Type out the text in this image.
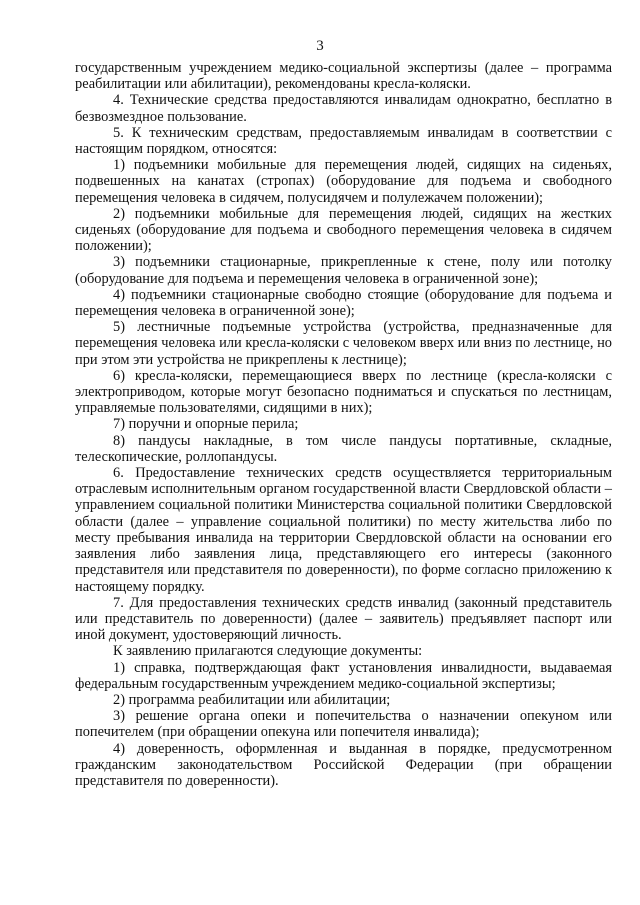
3

государственным учреждением медико-социальной экспертизы (далее – программа реабилитации или абилитации), рекомендованы кресла-коляски.

4. Технические средства предоставляются инвалидам однократно, бесплатно в безвозмездное пользование.

5. К техническим средствам, предоставляемым инвалидам в соответствии с настоящим порядком, относятся:

1) подъемники мобильные для перемещения людей, сидящих на сиденьях, подвешенных на канатах (стропах) (оборудование для подъема и свободного перемещения человека в сидячем, полусидячем и полулежачем положении);

2) подъемники мобильные для перемещения людей, сидящих на жестких сиденьях (оборудование для подъема и свободного перемещения человека в сидячем положении);

3) подъемники стационарные, прикрепленные к стене, полу или потолку (оборудование для подъема и перемещения человека в ограниченной зоне);

4) подъемники стационарные свободно стоящие (оборудование для подъема и перемещения человека в ограниченной зоне);

5) лестничные подъемные устройства (устройства, предназначенные для перемещения человека или кресла-коляски с человеком вверх или вниз по лестнице, но при этом эти устройства не прикреплены к лестнице);

6) кресла-коляски, перемещающиеся вверх по лестнице (кресла-коляски с электроприводом, которые могут безопасно подниматься и спускаться по лестницам, управляемые пользователями, сидящими в них);

7) поручни и опорные перила;

8) пандусы накладные, в том числе пандусы портативные, складные, телескопические, роллопандусы.

6. Предоставление технических средств осуществляется территориальным отраслевым исполнительным органом государственной власти Свердловской области – управлением социальной политики Министерства социальной политики Свердловской области (далее – управление социальной политики) по месту жительства либо по месту пребывания инвалида на территории Свердловской области на основании его заявления либо заявления лица, представляющего его интересы (законного представителя или представителя по доверенности), по форме согласно приложению к настоящему порядку.

7. Для предоставления технических средств инвалид (законный представитель или представитель по доверенности) (далее – заявитель) предъявляет паспорт или иной документ, удостоверяющий личность.

К заявлению прилагаются следующие документы:

1) справка, подтверждающая факт установления инвалидности, выдаваемая федеральным государственным учреждением медико-социальной экспертизы;

2) программа реабилитации или абилитации;

3) решение органа опеки и попечительства о назначении опекуном или попечителем (при обращении опекуна или попечителя инвалида);

4) доверенность, оформленная и выданная в порядке, предусмотренном гражданским законодательством Российской Федерации (при обращении представителя по доверенности).
